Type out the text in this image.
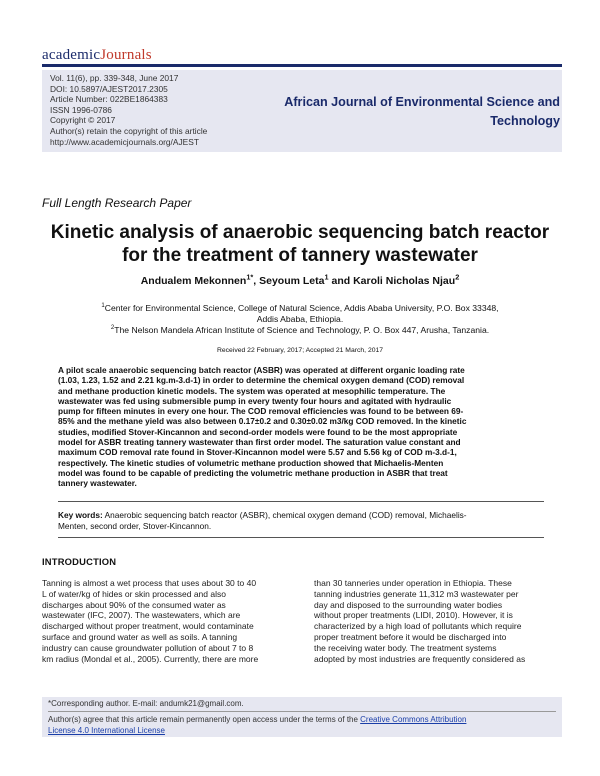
academicJournals
Vol. 11(6), pp. 339-348, June 2017
DOI: 10.5897/AJEST2017.2305
Article Number: 022BE1864383
ISSN 1996-0786
Copyright © 2017
Author(s) retain the copyright of this article
http://www.academicjournals.org/AJEST
African Journal of Environmental Science and
Technology
Full Length Research Paper
Kinetic analysis of anaerobic sequencing batch reactor
for the treatment of tannery wastewater
Andualem Mekonnen$^{1*}$, Seyoum Leta$^1$ and Karoli Nicholas Njau$^2$
$^1$Center for Environmental Science, College of Natural Science, Addis Ababa University, P.O. Box 33348,
Addis Ababa, Ethiopia.
$^2$The Nelson Mandela African Institute of Science and Technology, P. O. Box 447, Arusha, Tanzania.
Received 22 February, 2017; Accepted 21 March, 2017
A pilot scale anaerobic sequencing batch reactor (ASBR) was operated at different organic loading rate
(1.03, 1.23, 1.52 and 2.21 kg.m-3.d-1) in order to determine the chemical oxygen demand (COD) removal
and methane production kinetic models. The system was operated at mesophilic temperature. The
wastewater was fed using submersible pump in every twenty four hours and agitated with hydraulic
pump for fifteen minutes in every one hour. The COD removal efficiencies was found to be between 69-
85% and the methane yield was also between 0.17±0.2 and 0.30±0.02 m3/kg COD removed. In the kinetic
studies, modified Stover-Kincannon and second-order models were found to be the most appropriate
model for ASBR treating tannery wastewater than first order model. The saturation value constant and
maximum COD removal rate found in Stover-Kincannon model were 5.57 and 5.56 kg of COD m-3.d-1,
respectively. The kinetic studies of volumetric methane production showed that Michaelis-Menten
model was found to be capable of predicting the volumetric methane production in ASBR that treat
tannery wastewater.
Key words: Anaerobic sequencing batch reactor (ASBR), chemical oxygen demand (COD) removal, Michaelis-
Menten, second order, Stover-Kincannon.
INTRODUCTION
Tanning is almost a wet process that uses about 30 to 40
L of water/kg of hides or skin processed and also
discharges about 90% of the consumed water as
wastewater (IFC, 2007). The wastewaters, which are
discharged without proper treatment, would contaminate
surface and ground water as well as soils. A tanning
industry can cause groundwater pollution of about 7 to 8
km radius (Mondal et al., 2005). Currently, there are more
than 30 tanneries under operation in Ethiopia. These
tanning industries generate 11,312 m3 wastewater per
day and disposed to the surrounding water bodies
without proper treatments (LIDI, 2010). However, it is
characterized by a high load of pollutants which require
proper treatment before it would be discharged into
the receiving water body. The treatment systems
adopted by most industries are frequently considered as
*Corresponding author. E-mail: andumk21@gmail.com.
Author(s) agree that this article remain permanently open access under the terms of the Creative Commons Attribution
License 4.0 International License
